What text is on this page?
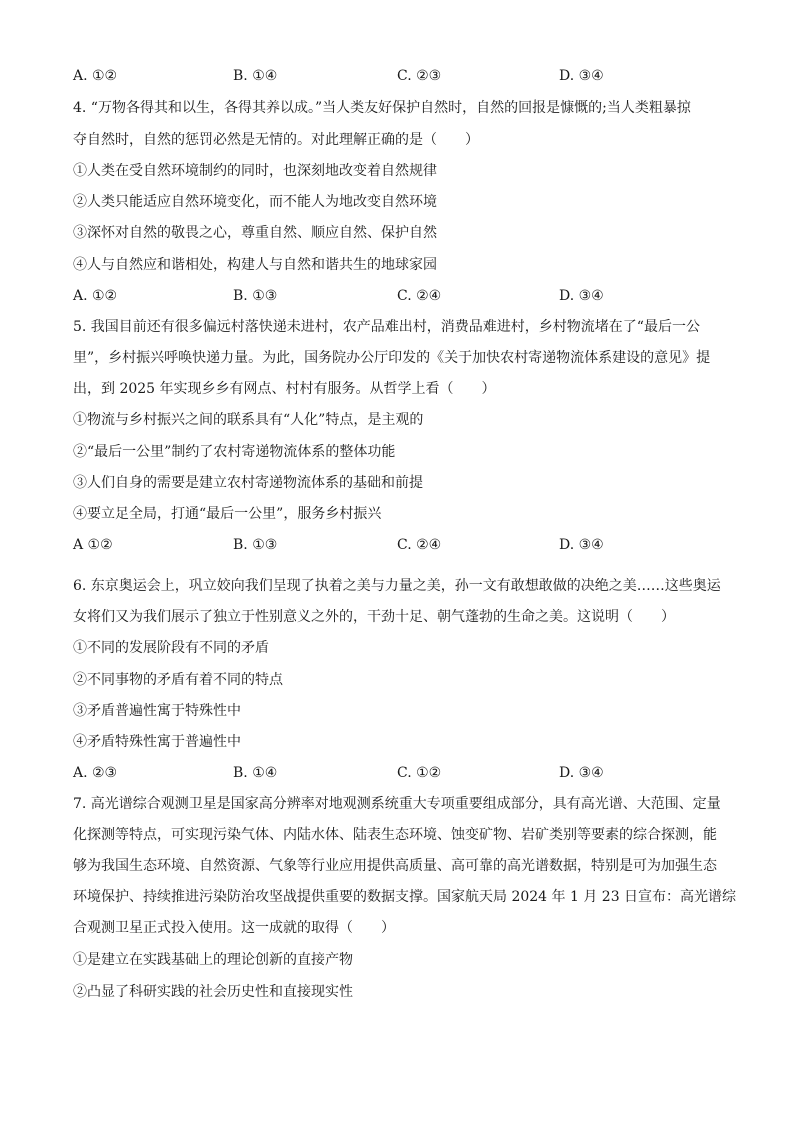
A. ①②	B. ①④	C. ②③	D. ③④
4. “万物各得其和以生，各得其养以成。”当人类友好保护自然时，自然的回报是慷慨的;当人类粗暴掠
夺自然时，自然的惩罚必然是无情的。对此理解正确的是（　　）
①人类在受自然环境制约的同时，也深刻地改变着自然规律
②人类只能适应自然环境变化，而不能人为地改变自然环境
③深怀对自然的敬畏之心，尊重自然、顺应自然、保护自然
④人与自然应和谐相处，构建人与自然和谐共生的地球家园
A. ①②	B. ①③	C. ②④	D. ③④
5. 我国目前还有很多偏远村落快递未进村，农产品难出村，消费品难进村，乡村物流堵在了“最后一公
里”，乡村振兴呼唤快递力量。为此，国务院办公厅印发的《关于加快农村寄递物流体系建设的意见》提
出，到 2025 年实现乡乡有网点、村村有服务。从哲学上看（　　）
①物流与乡村振兴之间的联系具有“人化”特点，是主观的
②“最后一公里”制约了农村寄递物流体系的整体功能
③人们自身的需要是建立农村寄递物流体系的基础和前提
④要立足全局，打通“最后一公里”，服务乡村振兴
A ①②	B. ①③	C. ②④	D. ③④
6. 东京奥运会上，巩立姣向我们呈现了执着之美与力量之美，孙一文有敢想敢做的决绝之美……这些奥运
女将们又为我们展示了独立于性别意义之外的，干劲十足、朝气蓬勃的生命之美。这说明（　　）
①不同的发展阶段有不同的矛盾
②不同事物的矛盾有着不同的特点
③矛盾普遍性寓于特殊性中
④矛盾特殊性寓于普遍性中
A. ②③	B. ①④	C. ①②	D. ③④
7. 高光谱综合观测卫星是国家高分辨率对地观测系统重大专项重要组成部分，具有高光谱、大范围、定量
化探测等特点，可实现污染气体、内陆水体、陆表生态环境、蚀变矿物、岩矿类别等要素的综合探测，能
够为我国生态环境、自然资源、气象等行业应用提供高质量、高可靠的高光谱数据，特别是可为加强生态
环境保护、持续推进污染防治攻坚战提供重要的数据支撑。国家航天局 2024 年 1 月 23 日宣布：高光谱综
合观测卫星正式投入使用。这一成就的取得（　　）
①是建立在实践基础上的理论创新的直接产物
②凸显了科研实践的社会历史性和直接现实性
